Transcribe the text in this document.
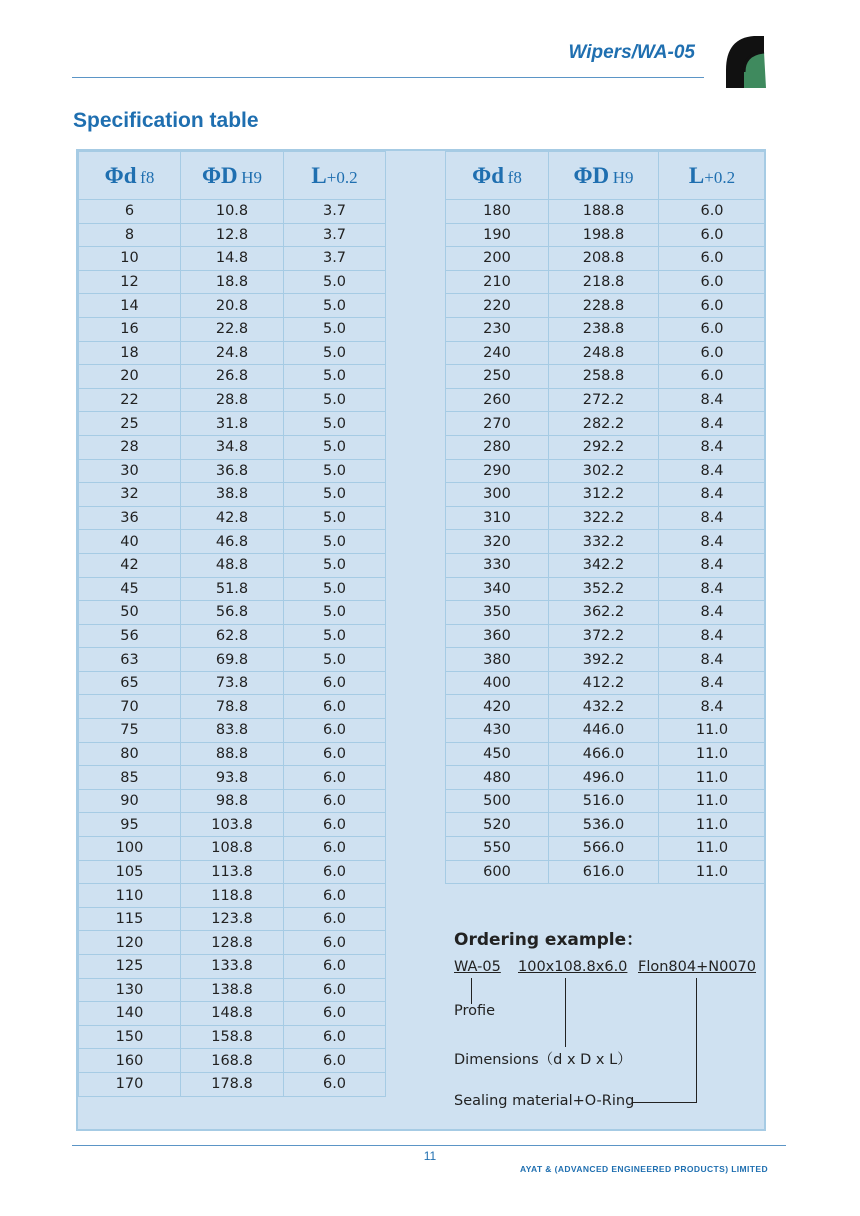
Wipers/WA-05
Specification table
Φd f8	ΦD H9	L+0.2
6	10.8	3.7
8	12.8	3.7
10	14.8	3.7
12	18.8	5.0
14	20.8	5.0
16	22.8	5.0
18	24.8	5.0
20	26.8	5.0
22	28.8	5.0
25	31.8	5.0
28	34.8	5.0
30	36.8	5.0
32	38.8	5.0
36	42.8	5.0
40	46.8	5.0
42	48.8	5.0
45	51.8	5.0
50	56.8	5.0
56	62.8	5.0
63	69.8	5.0
65	73.8	6.0
70	78.8	6.0
75	83.8	6.0
80	88.8	6.0
85	93.8	6.0
90	98.8	6.0
95	103.8	6.0
100	108.8	6.0
105	113.8	6.0
110	118.8	6.0
115	123.8	6.0
120	128.8	6.0
125	133.8	6.0
130	138.8	6.0
140	148.8	6.0
150	158.8	6.0
160	168.8	6.0
170	178.8	6.0
Φd f8	ΦD H9	L+0.2
180	188.8	6.0
190	198.8	6.0
200	208.8	6.0
210	218.8	6.0
220	228.8	6.0
230	238.8	6.0
240	248.8	6.0
250	258.8	6.0
260	272.2	8.4
270	282.2	8.4
280	292.2	8.4
290	302.2	8.4
300	312.2	8.4
310	322.2	8.4
320	332.2	8.4
330	342.2	8.4
340	352.2	8.4
350	362.2	8.4
360	372.2	8.4
380	392.2	8.4
400	412.2	8.4
420	432.2	8.4
430	446.0	11.0
450	466.0	11.0
480	496.0	11.0
500	516.0	11.0
520	536.0	11.0
550	566.0	11.0
600	616.0	11.0
Ordering example：
WA-05 100x108.8x6.0 Flon804+N0070
Profie
Dimensions（d x D x L）
Sealing material+O-Ring
11
AYAT & (ADVANCED ENGINEERED PRODUCTS) LIMITED
